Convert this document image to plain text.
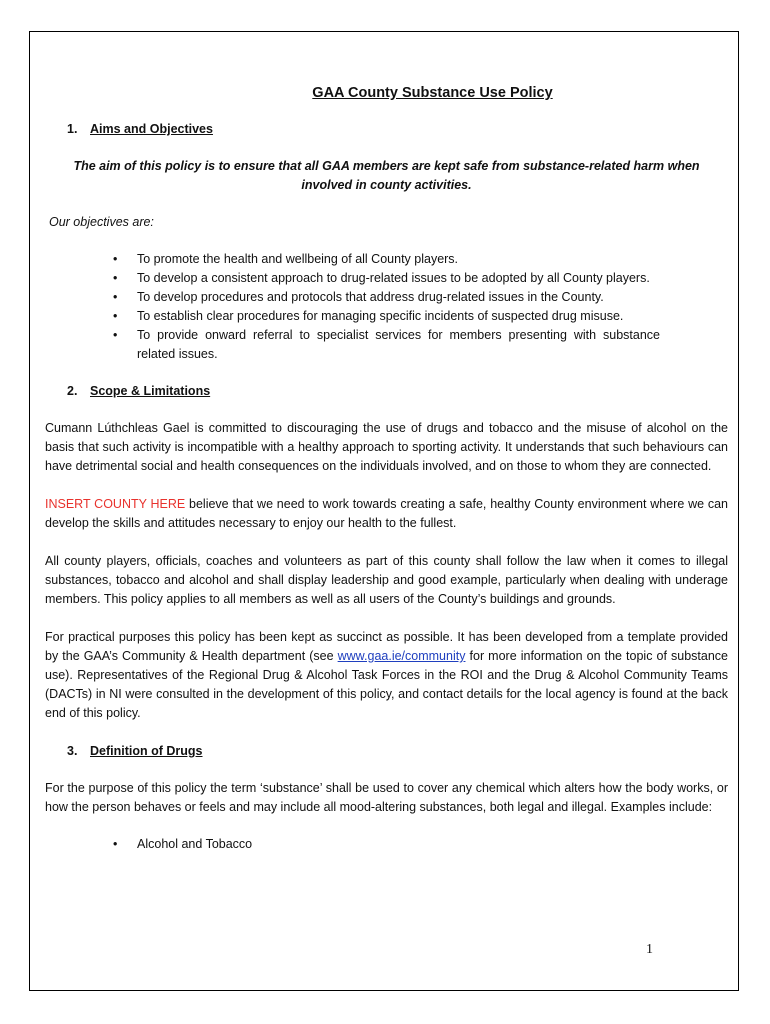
GAA County Substance Use Policy
1. Aims and Objectives

The aim of this policy is to ensure that all GAA members are kept safe from substance-related harm when involved in county activities.

Our objectives are:

• To promote the health and wellbeing of all County players.
• To develop a consistent approach to drug-related issues to be adopted by all County players.
• To develop procedures and protocols that address drug-related issues in the County.
• To establish clear procedures for managing specific incidents of suspected drug misuse.
• To provide onward referral to specialist services for members presenting with substance related issues.
2. Scope & Limitations

Cumann Lúthchleas Gael is committed to discouraging the use of drugs and tobacco and the misuse of alcohol on the basis that such activity is incompatible with a healthy approach to sporting activity. It understands that such behaviours can have detrimental social and health consequences on the individuals involved, and on those to whom they are connected.

INSERT COUNTY HERE believe that we need to work towards creating a safe, healthy County environment where we can develop the skills and attitudes necessary to enjoy our health to the fullest.

All county players, officials, coaches and volunteers as part of this county shall follow the law when it comes to illegal substances, tobacco and alcohol and shall display leadership and good example, particularly when dealing with underage members. This policy applies to all members as well as all users of the County’s buildings and grounds.

For practical purposes this policy has been kept as succinct as possible. It has been developed from a template provided by the GAA’s Community & Health department (see www.gaa.ie/community for more information on the topic of substance use). Representatives of the Regional Drug & Alcohol Task Forces in the ROI and the Drug & Alcohol Community Teams (DACTs) in NI were consulted in the development of this policy, and contact details for the local agency is found at the back end of this policy.

3. Definition of Drugs

For the purpose of this policy the term ‘substance’ shall be used to cover any chemical which alters how the body works, or how the person behaves or feels and may include all mood-altering substances, both legal and illegal. Examples include:

• Alcohol and Tobacco
1
